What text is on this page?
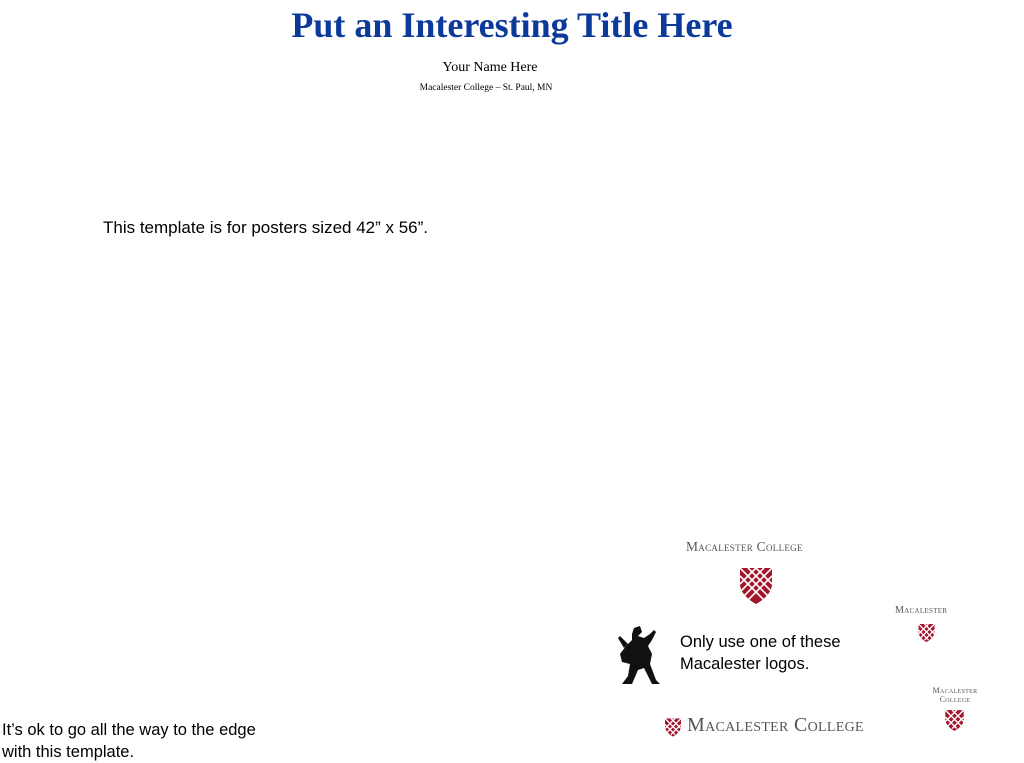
Put an Interesting Title Here
Your Name Here
Macalester College – St. Paul, MN
This template is for posters sized 42” x 56”.
Macalester College
Macalester
Only use one of these
Macalester logos.
Macalester
College
Macalester College
It’s ok to go all the way to the edge
with this template.
